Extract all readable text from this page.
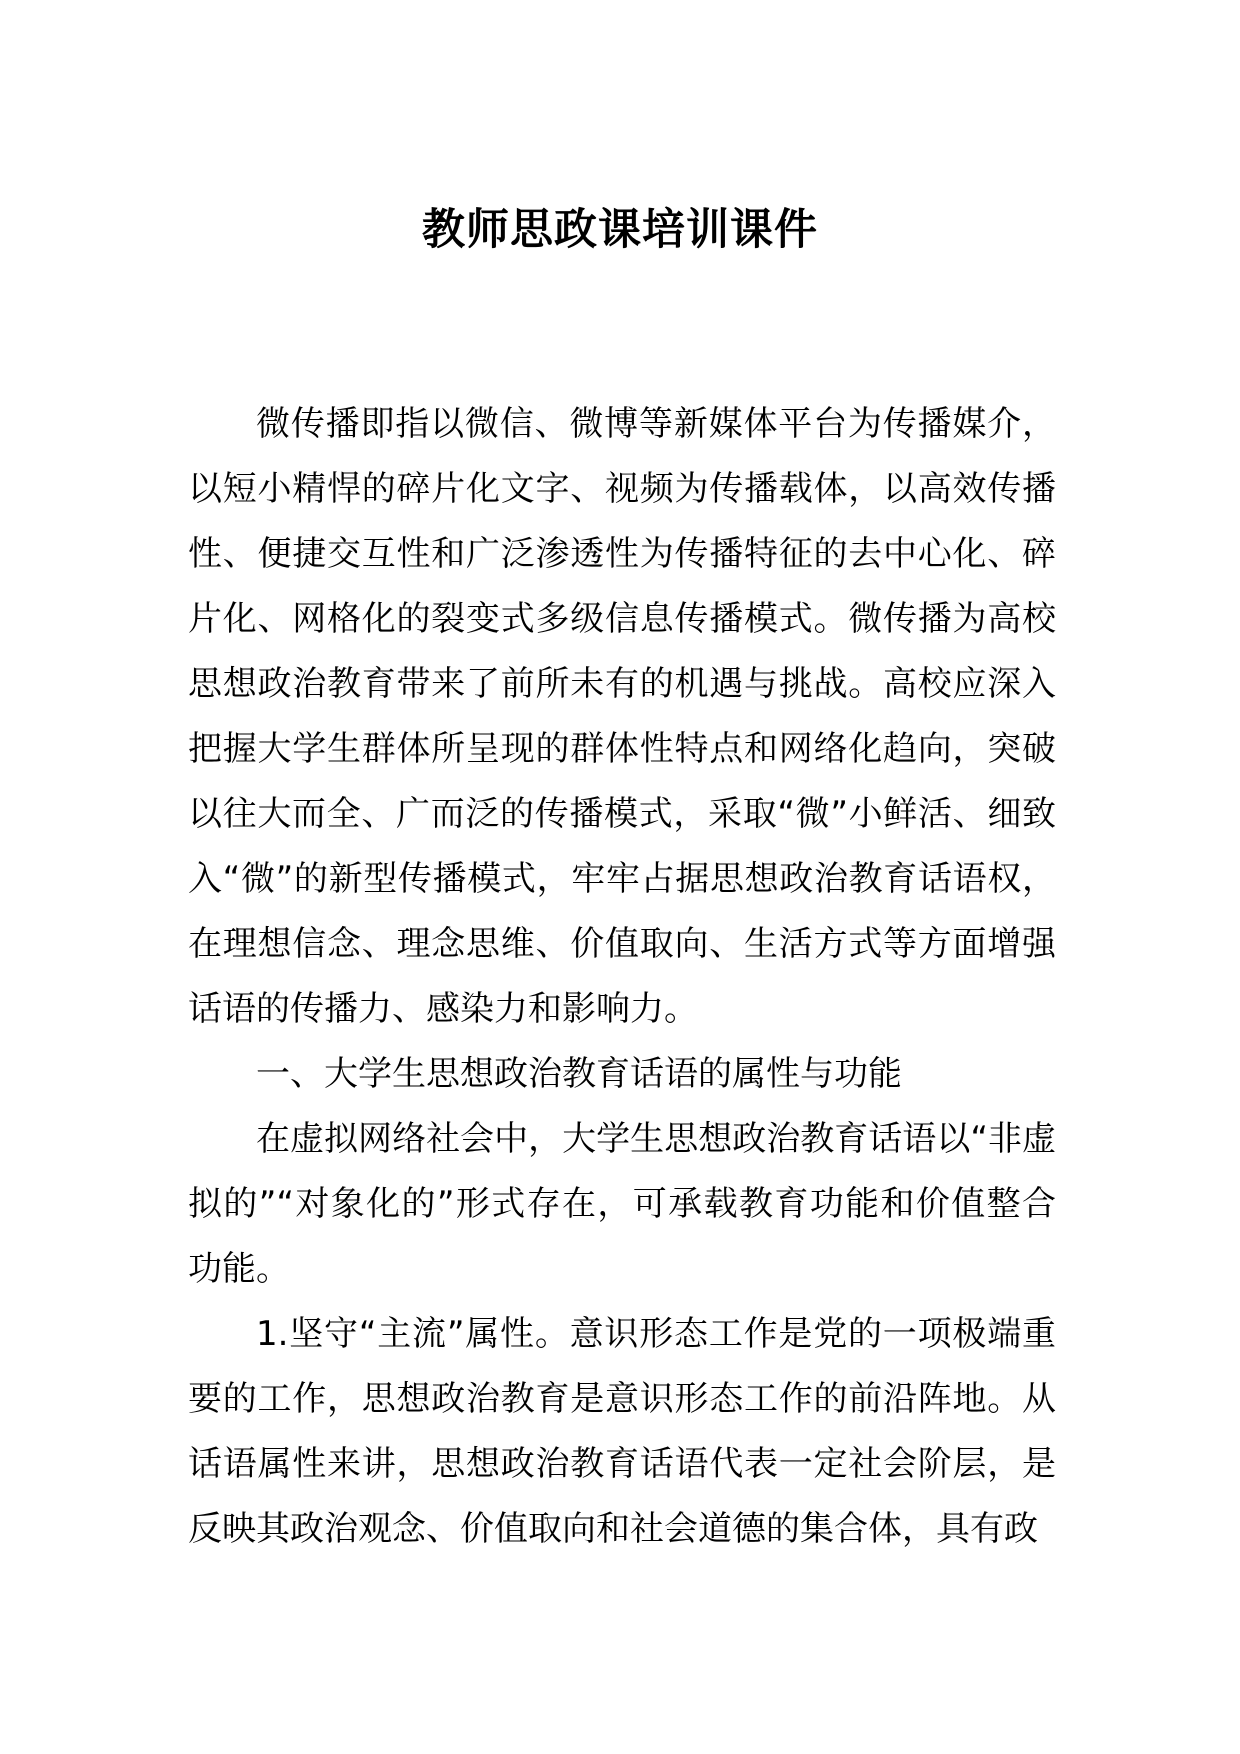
教师思政课培训课件

微传播即指以微信、微博等新媒体平台为传播媒介，以短小精悍的碎片化文字、视频为传播载体，以高效传播性、便捷交互性和广泛渗透性为传播特征的去中心化、碎片化、网格化的裂变式多级信息传播模式。微传播为高校思想政治教育带来了前所未有的机遇与挑战。高校应深入把握大学生群体所呈现的群体性特点和网络化趋向，突破以往大而全、广而泛的传播模式，采取“微”小鲜活、细致入“微”的新型传播模式，牢牢占据思想政治教育话语权，在理想信念、理念思维、价值取向、生活方式等方面增强话语的传播力、感染力和影响力。

一、大学生思想政治教育话语的属性与功能

在虚拟网络社会中，大学生思想政治教育话语以“非虚拟的”“对象化的”形式存在，可承载教育功能和价值整合功能。

1.坚守“主流”属性。意识形态工作是党的一项极端重要的工作，思想政治教育是意识形态工作的前沿阵地。从话语属性来讲，思想政治教育话语代表一定社会阶层，是反映其政治观念、价值取向和社会道德的集合体，具有政
